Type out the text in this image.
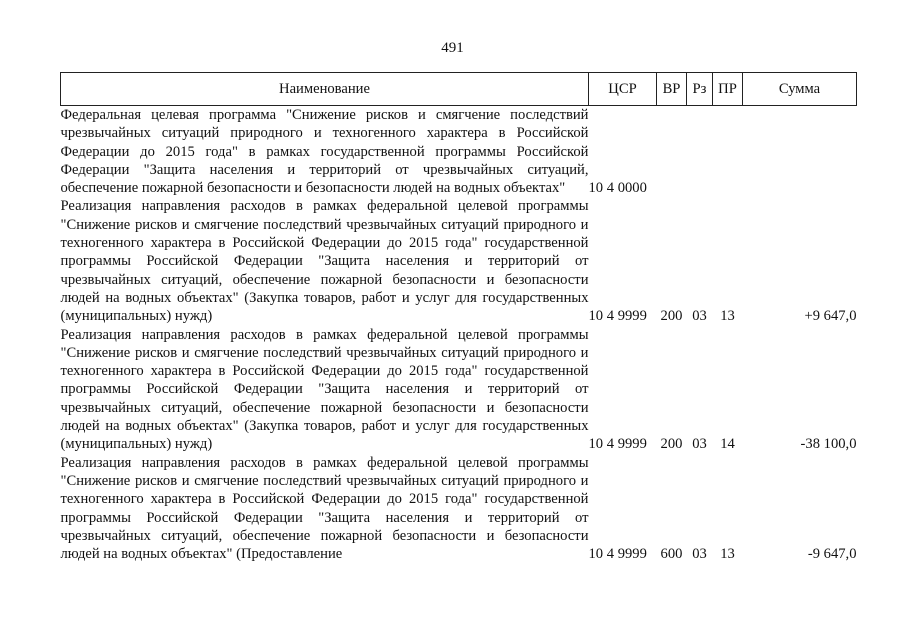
491
Наименование	ЦСР	ВР	Рз	ПР	Сумма
Федеральная целевая программа "Снижение рисков и смягчение последствий чрезвычайных ситуаций природного и техногенного характера в Российской Федерации до 2015 года" в рамках государственной программы Российской Федерации "Защита населения и территорий от чрезвычайных ситуаций, обеспечение пожарной безопасности и безопасности людей на водных объектах"	10 4 0000				
Реализация направления расходов в рамках федеральной целевой программы "Снижение рисков и смягчение последствий чрезвычайных ситуаций природного и техногенного характера в Российской Федерации до 2015 года" государственной программы Российской Федерации "Защита населения и территорий от чрезвычайных ситуаций, обеспечение пожарной безопасности и безопасности людей на водных объектах" (Закупка товаров, работ и услуг для государственных (муниципальных) нужд)	10 4 9999	200	03	13	+9 647,0
Реализация направления расходов в рамках федеральной целевой программы "Снижение рисков и смягчение последствий чрезвычайных ситуаций природного и техногенного характера в Российской Федерации до 2015 года" государственной программы Российской Федерации "Защита населения и территорий от чрезвычайных ситуаций, обеспечение пожарной безопасности и безопасности людей на водных объектах" (Закупка товаров, работ и услуг для государственных (муниципальных) нужд)	10 4 9999	200	03	14	-38 100,0
Реализация направления расходов в рамках федеральной целевой программы "Снижение рисков и смягчение последствий чрезвычайных ситуаций природного и техногенного характера в Российской Федерации до 2015 года" государственной программы Российской Федерации "Защита населения и территорий от чрезвычайных ситуаций, обеспечение пожарной безопасности и безопасности людей на водных объектах" (Предоставление	10 4 9999	600	03	13	-9 647,0
